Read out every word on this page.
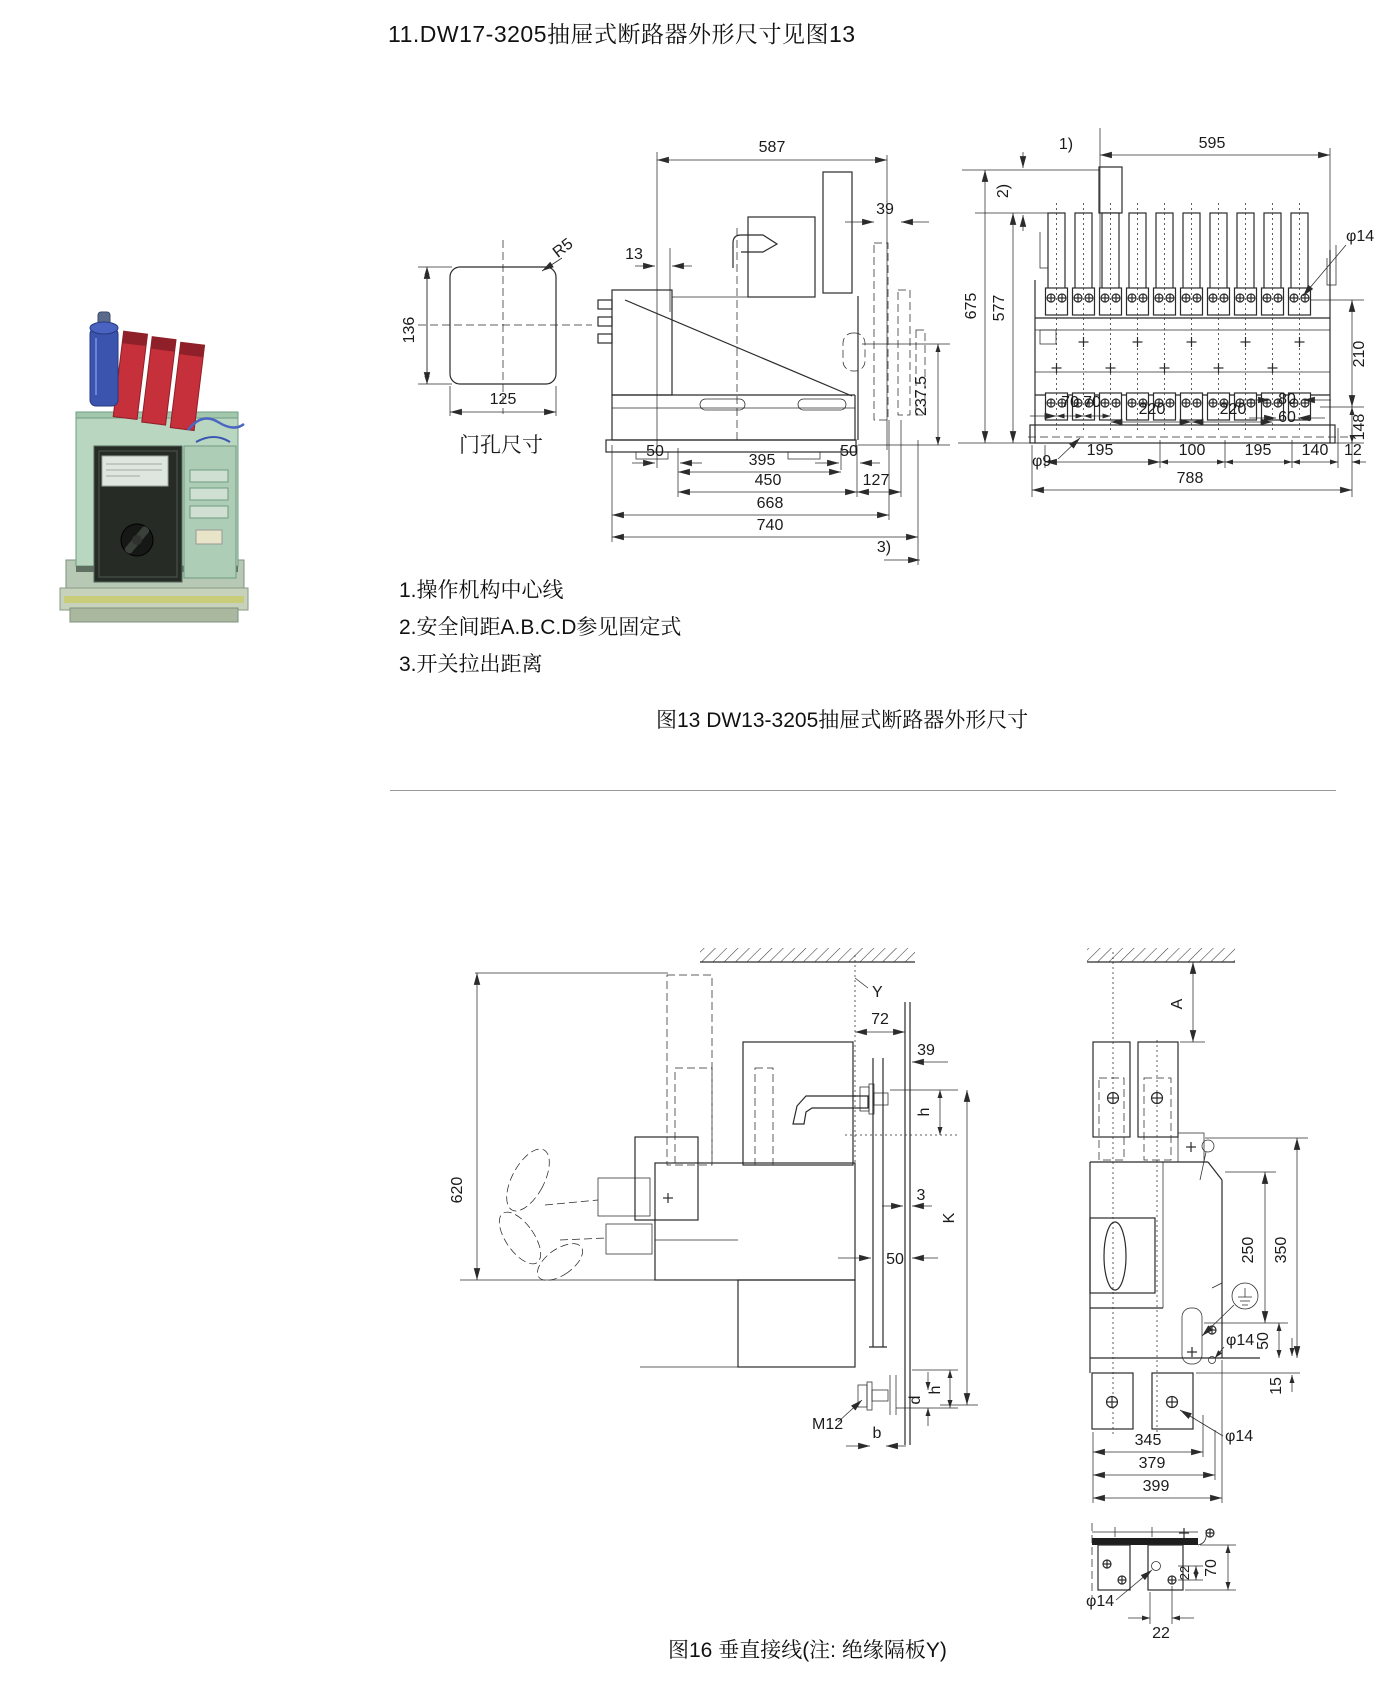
R5
136
125
门孔尺寸
587
13
39
237.5
50
395
50
450	127
668
740
3)
1)	595
2)
675 577
φ14
210
148
70 70 220	220
80
60
φ9
195	100 195 140 12
788
620
Y
72
39
h
3
K
50
M12
b
d
h
A
250 350
φ14 50
15
345
379
399
φ14
22 70
φ14
22
11.DW17-3205抽屉式断路器外形尺寸见图13
1.操作机构中心线
2.安全间距A.B.C.D参见固定式
3.开关拉出距离
图13 DW13-3205抽屉式断路器外形尺寸
图16 垂直接线(注: 绝缘隔板Y)
